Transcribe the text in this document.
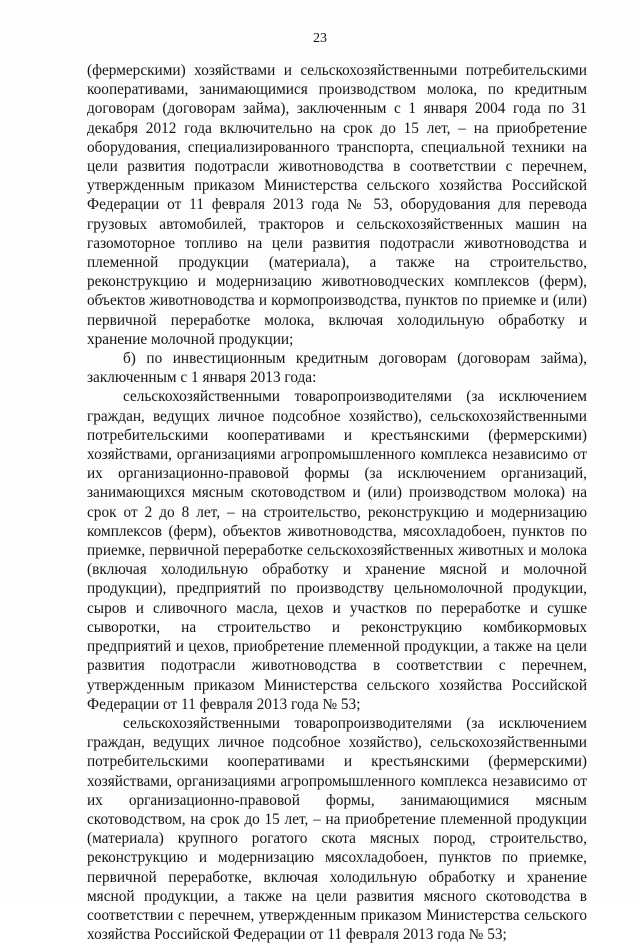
23

(фермерскими) хозяйствами и сельскохозяйственными потребительскими кооперативами, занимающимися производством молока, по кредитным договорам (договорам займа), заключенным с 1 января 2004 года по 31 декабря 2012 года включительно на срок до 15 лет, – на приобретение оборудования, специализированного транспорта, специальной техники на цели развития подотрасли животноводства в соответствии с перечнем, утвержденным приказом Министерства сельского хозяйства Российской Федерации от 11 февраля 2013 года № 53, оборудования для перевода грузовых автомобилей, тракторов и сельскохозяйственных машин на газомоторное топливо на цели развития подотрасли животноводства и племенной продукции (материала), а также на строительство, реконструкцию и модернизацию животноводческих комплексов (ферм), объектов животноводства и кормопроизводства, пунктов по приемке и (или) первичной переработке молока, включая холодильную обработку и хранение молочной продукции;

б) по инвестиционным кредитным договорам (договорам займа), заключенным с 1 января 2013 года:

сельскохозяйственными товаропроизводителями (за исключением граждан, ведущих личное подсобное хозяйство), сельскохозяйственными потребительскими кооперативами и крестьянскими (фермерскими) хозяйствами, организациями агропромышленного комплекса независимо от их организационно-правовой формы (за исключением организаций, занимающихся мясным скотоводством и (или) производством молока) на срок от 2 до 8 лет, – на строительство, реконструкцию и модернизацию комплексов (ферм), объектов животноводства, мясохладобоен, пунктов по приемке, первичной переработке сельскохозяйственных животных и молока (включая холодильную обработку и хранение мясной и молочной продукции), предприятий по производству цельномолочной продукции, сыров и сливочного масла, цехов и участков по переработке и сушке сыворотки, на строительство и реконструкцию комбикормовых предприятий и цехов, приобретение племенной продукции, а также на цели развития подотрасли животноводства в соответствии с перечнем, утвержденным приказом Министерства сельского хозяйства Российской Федерации от 11 февраля 2013 года № 53;

сельскохозяйственными товаропроизводителями (за исключением граждан, ведущих личное подсобное хозяйство), сельскохозяйственными потребительскими кооперативами и крестьянскими (фермерскими) хозяйствами, организациями агропромышленного комплекса независимо от их организационно-правовой формы, занимающимися мясным скотоводством, на срок до 15 лет, – на приобретение племенной продукции (материала) крупного рогатого скота мясных пород, строительство, реконструкцию и модернизацию мясохладобоен, пунктов по приемке, первичной переработке, включая холодильную обработку и хранение мясной продукции, а также на цели развития мясного скотоводства в соответствии с перечнем, утвержденным приказом Министерства сельского хозяйства Российской Федерации от 11 февраля 2013 года № 53;
